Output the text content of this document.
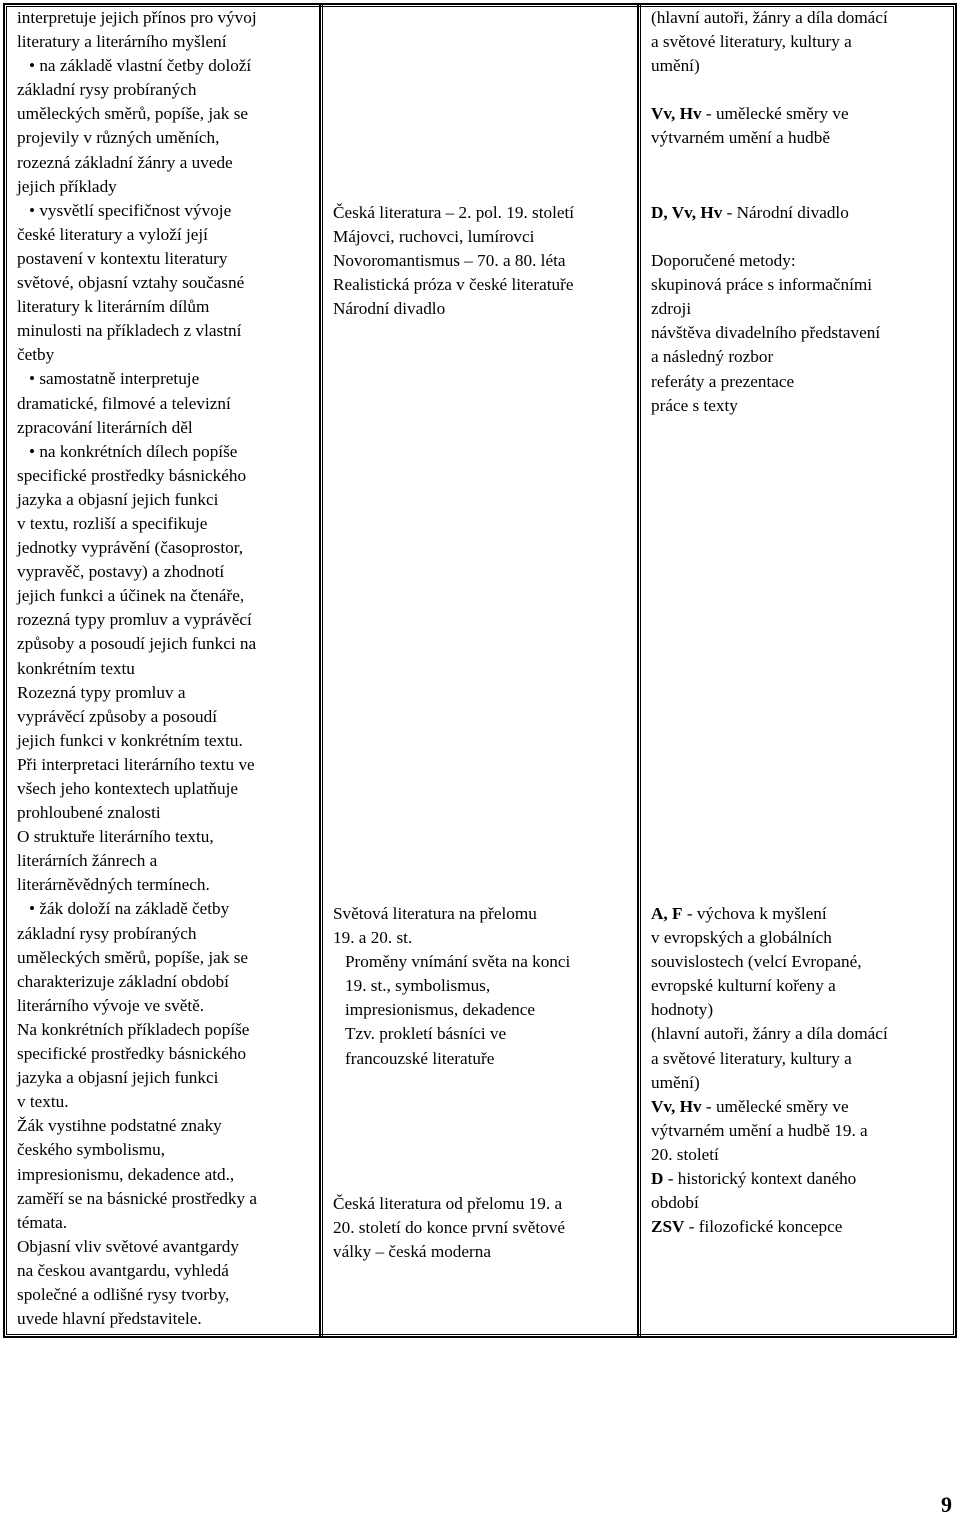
interpretuje jejich přínos pro vývoj
literatury a literárního myšlení
• na základě vlastní četby doloží
základní rysy probíraných
uměleckých směrů, popíše, jak se
projevily v různých uměních,
rozezná základní žánry a uvede
jejich příklady
• vysvětlí specifičnost vývoje
české literatury a vyloží její
postavení v kontextu literatury
světové, objasní vztahy současné
literatury k literárním dílům
minulosti na příkladech z vlastní
četby
• samostatně interpretuje
dramatické, filmové a televizní
zpracování literárních děl
• na konkrétních dílech popíše
specifické prostředky básnického
jazyka a objasní jejich funkci
v textu, rozliší a specifikuje
jednotky vyprávění (časoprostor,
vypravěč, postavy) a zhodnotí
jejich funkci a účinek na čtenáře,
rozezná typy promluv a vyprávěcí
způsoby a posoudí jejich funkci na
konkrétním textu
Rozezná typy promluv a
vyprávěcí způsoby a posoudí
jejich funkci v konkrétním textu.
Při interpretaci literárního textu ve
všech jeho kontextech uplatňuje
prohloubené znalosti
O struktuře literárního textu,
literárních žánrech a
literárněvědných termínech.
• žák doloží na základě četby
základní rysy probíraných
uměleckých směrů, popíše, jak se
charakterizuje základní období
literárního vývoje ve světě.
Na konkrétních příkladech popíše
specifické prostředky básnického
jazyka a objasní jejich funkci
v textu.
Žák vystihne podstatné znaky
českého symbolismu,
impresionismu, dekadence atd.,
zaměří se na básnické prostředky a
témata.
Objasní vliv světové avantgardy
na českou avantgardu, vyhledá
společné a odlišné rysy tvorby,
uvede hlavní představitele.
Česká literatura – 2. pol. 19. století
Májovci, ruchovci, lumírovci
Novoromantismus – 70. a 80. léta
Realistická próza v české literatuře
Národní divadlo
Světová literatura na přelomu
19. a 20. st.
Proměny vnímání světa na konci
19. st., symbolismus,
impresionismus, dekadence
Tzv. prokletí básníci ve
francouzské literatuře
Česká literatura od přelomu 19. a
20. století do konce první světové
války – česká moderna
(hlavní autoři, žánry a díla domácí
a světové literatury, kultury a
umění)
Vv, Hv - umělecké směry ve
výtvarném umění a hudbě
D, Vv, Hv - Národní divadlo
Doporučené metody:
skupinová práce s informačními
zdroji
návštěva divadelního představení
a následný rozbor
referáty a prezentace
práce s texty
A, F - výchova k myšlení
v evropských a globálních
souvislostech (velcí Evropané,
evropské kulturní kořeny a
hodnoty)
(hlavní autoři, žánry a díla domácí
a světové literatury, kultury a
umění)
Vv, Hv - umělecké směry ve
výtvarném umění a hudbě 19. a
20. století
D - historický kontext daného
období
ZSV - filozofické koncepce
9
